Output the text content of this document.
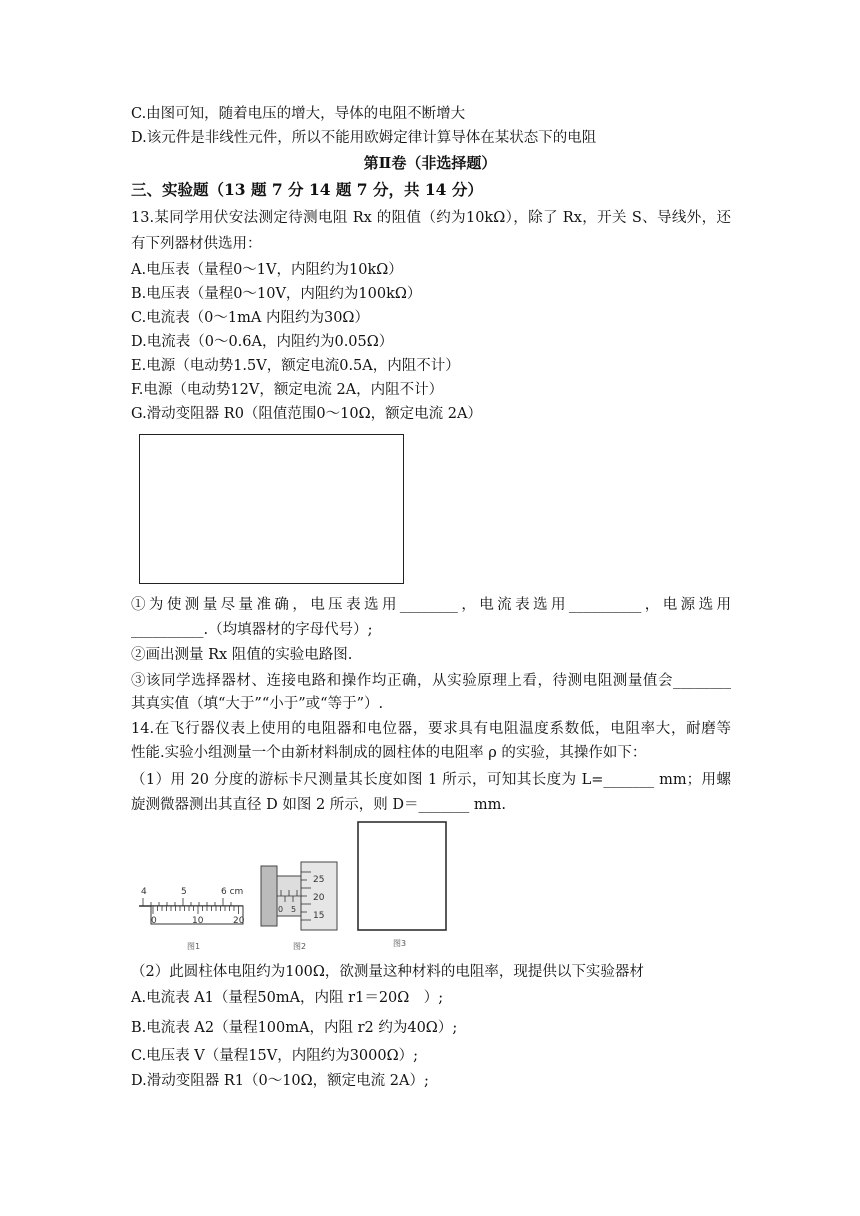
C.由图可知，随着电压的增大，导体的电阻不断增大
D.该元件是非线性元件，所以不能用欧姆定律计算导体在某状态下的电阻
第Ⅱ卷（非选择题）
三、实验题（13 题 7 分 14 题 7 分，共 14 分）
13.某同学用伏安法测定待测电阻 Rx 的阻值（约为10kΩ），除了 Rx，开关 S、导线外，还
有下列器材供选用：
A.电压表（量程0～1V，内阻约为10kΩ）
B.电压表（量程0～10V，内阻约为100kΩ）
C.电流表（0～1mA 内阻约为30Ω）
D.电流表（0～0.6A，内阻约为0.05Ω）
E.电源（电动势1.5V，额定电流0.5A，内阻不计）
F.电源（电动势12V，额定电流 2A，内阻不计）
G.滑动变阻器 R0（阻值范围0～10Ω，额定电流 2A）
①为使测量尽量准确，电压表选用________，电流表选用__________，电源选用
__________.（均填器材的字母代号）;
②画出测量 Rx 阻值的实验电路图.
③该同学选择器材、连接电路和操作均正确，从实验原理上看，待测电阻测量值会________
其真实值（填“大于”“小于”或“等于”）.
14.在飞行器仪表上使用的电阻器和电位器，要求具有电阻温度系数低，电阻率大，耐磨等
性能.实验小组测量一个由新材料制成的圆柱体的电阻率 ρ 的实验，其操作如下：
（1）用 20 分度的游标卡尺测量其长度如图 1 所示，可知其长度为 L=_______ mm；用螺
旋测微器测出其直径 D 如图 2 所示，则 D＝_______ mm.
4	5	6 cm
0	10	20
图1
25
20
15
0 5
图2	图3
（2）此圆柱体电阻约为100Ω，欲测量这种材料的电阻率，现提供以下实验器材
A.电流表 A1（量程50mA，内阻 r1＝20Ω　）;
B.电流表 A2（量程100mA，内阻 r2 约为40Ω）;
C.电压表 V（量程15V，内阻约为3000Ω）;
D.滑动变阻器 R1（0～10Ω，额定电流 2A）;
